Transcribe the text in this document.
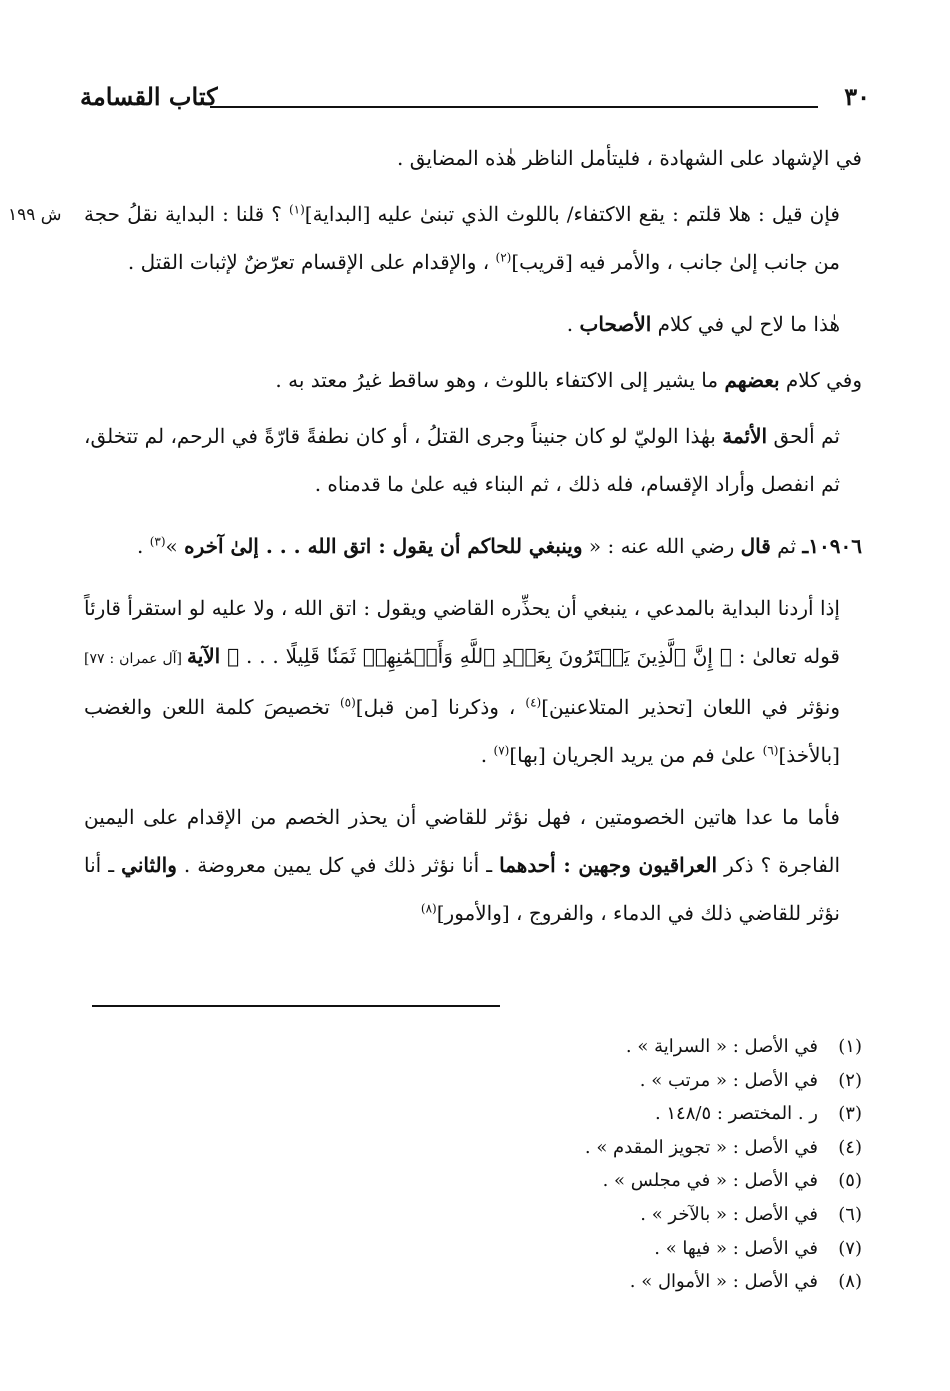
٣٠
كتاب القسامة
ش ١٩٩

في الإشهاد على الشهادة ، فليتأمل الناظر هٰذه المضايق .

فإن قيل : هلا قلتم : يقع الاكتفاء/ باللوث الذي تبنىٰ عليه [البداية]$^{(١)}$ ؟ قلنا : البداية نقلُ حجة من جانب إلىٰ جانب ، والأمر فيه [قريب]$^{(٢)}$ ، والإقدام على الإقسام تعرّضٌ لإثبات القتل .

هٰذا ما لاح لي في كلام الأصحاب .

وفي كلام بعضهم ما يشير إلى الاكتفاء باللوث ، وهو ساقط غيرُ معتد به .

ثم ألحق الأئمة بهٰذا الوليّ لو كان جنيناً وجرى القتلُ ، أو كان نطفةً قارّةً في الرحم، لم تتخلق، ثم انفصل وأراد الإقسام، فله ذلك ، ثم البناء فيه علىٰ ما قدمناه .

١٠٩٠٦ـ ثم قال رضي الله عنه : « وينبغي للحاكم أن يقول : اتق الله . . . إلىٰ آخره »$^{(٣)}$ .

إذا أردنا البداية بالمدعي ، ينبغي أن يحذِّره القاضي ويقول : اتق الله ، ولا عليه لو استقرأ قارئاً قوله تعالىٰ : ﴿ إِنَّ ٱلَّذِينَ يَشۡتَرُونَ بِعَهۡدِ ٱللَّهِ وَأَيۡمَٰنِهِمۡ ثَمَنٗا قَلِيلًا . . . ﴾ الآية [آل عمران : ٧٧] ونؤثر في اللعان [تحذير المتلاعنين]$^{(٤)}$ ، وذكرنا [من قبل]$^{(٥)}$ تخصيصَ كلمة اللعن والغضب [بالأخذ]$^{(٦)}$ علىٰ فم من يريد الجريان [بها]$^{(٧)}$ .

فأما ما عدا هاتين الخصومتين ، فهل نؤثر للقاضي أن يحذر الخصم من الإقدام على اليمين الفاجرة ؟ ذكر العراقيون وجهين : أحدهما ـ أنا نؤثر ذلك في كل يمين معروضة . والثاني ـ أنا نؤثر للقاضي ذلك في الدماء ، والفروج ، [والأمور]$^{(٨)}$

(١)في الأصل : « السراية » .
(٢)في الأصل : « مرتب » .
(٣)ر . المختصر : ١٤٨/٥ .
(٤)في الأصل : « تجويز المقدم » .
(٥)في الأصل : « في مجلس » .
(٦)في الأصل : « بالآخر » .
(٧)في الأصل : « فيها » .
(٨)في الأصل : « الأموال » .
